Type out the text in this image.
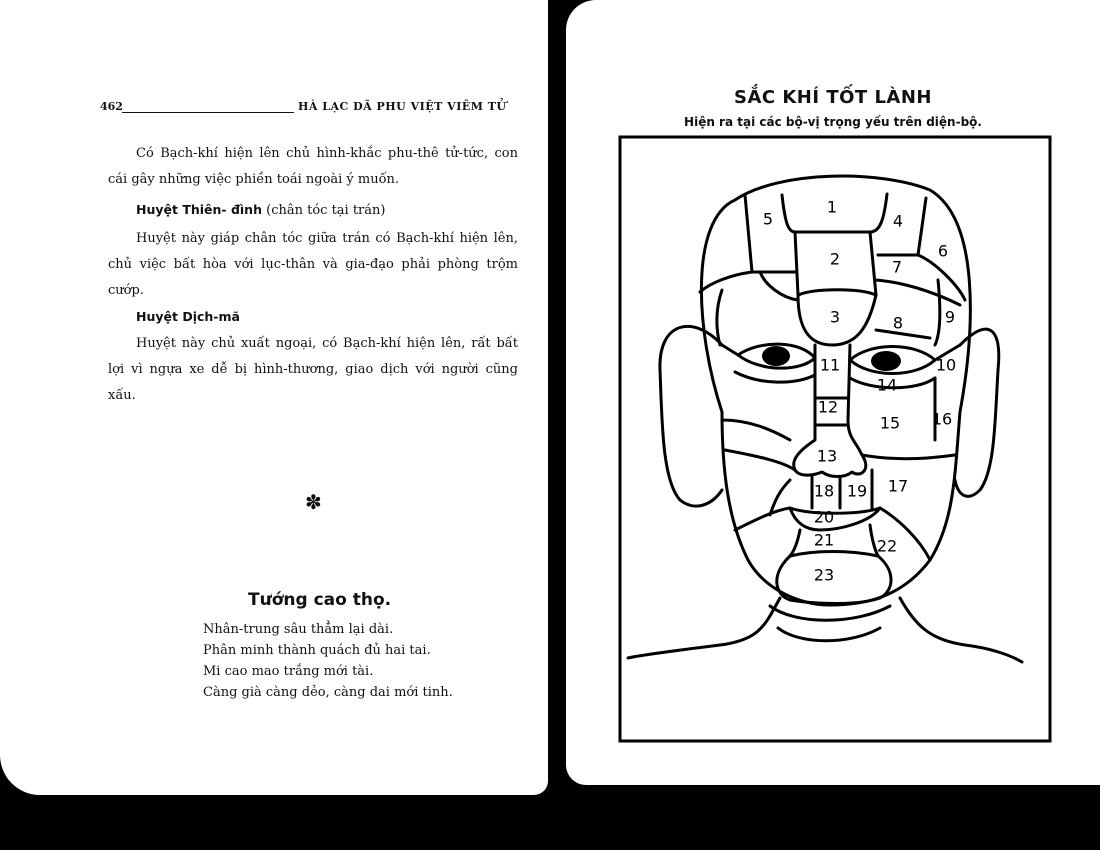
462	HÀ LẠC DÃ PHU VIỆT VIÊM TỬ
Có Bạch-khí hiện lên chủ hình-khắc phu-thê tử-tức, con cái gây những việc phiền toái ngoài ý muốn.
Huyệt Thiên- đình (chân tóc tại trán)
Huyệt này giáp chân tóc giữa trán có Bạch-khí hiện lên, chủ việc bất hòa với lục-thân và gia-đạo phải phòng trộm cướp.
Huyệt Dịch-mã
Huyệt này chủ xuất ngoại, có Bạch-khí hiện lên, rất bất lợi vì ngựa xe dễ bị hình-thương, giao dịch với người cũng xấu.
✽
Tướng cao thọ.
Nhân-trung sâu thẳm lại dài.
Phân minh thành quách đủ hai tai.
Mi cao mao trắng mới tài.
Càng già càng dẻo, càng dai mới tinh.
SẮC KHÍ TỐT LÀNH
Hiện ra tại các bộ-vị trọng yếu trên diện-bộ.
1
2
3
4
5
6
7
8	9
10
11
12
13
14
15 16
17
18 19
20
21	22
23
